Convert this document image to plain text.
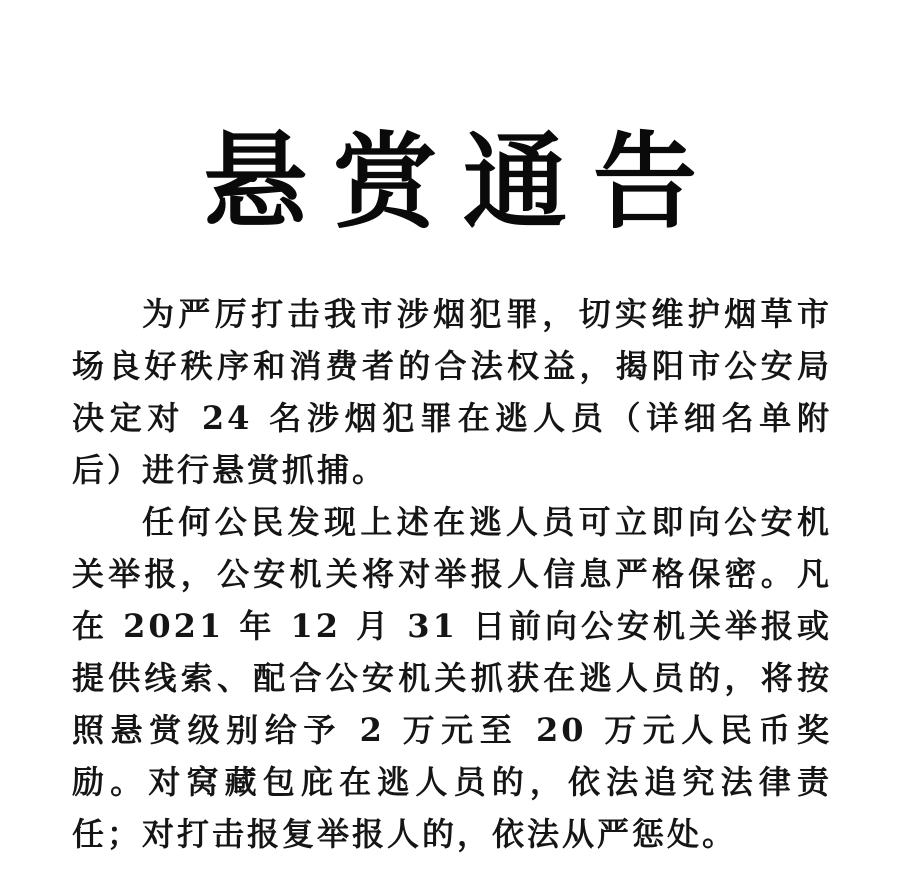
悬赏通告

为严厉打击我市涉烟犯罪，切实维护烟草市场良好秩序和消费者的合法权益，揭阳市公安局决定对 24 名涉烟犯罪在逃人员（详细名单附后）进行悬赏抓捕。

任何公民发现上述在逃人员可立即向公安机关举报，公安机关将对举报人信息严格保密。凡在 2021 年 12 月 31 日前向公安机关举报或提供线索、配合公安机关抓获在逃人员的，将按照悬赏级别给予 2 万元至 20 万元人民币奖励。对窝藏包庇在逃人员的，依法追究法律责任；对打击报复举报人的，依法从严惩处。
